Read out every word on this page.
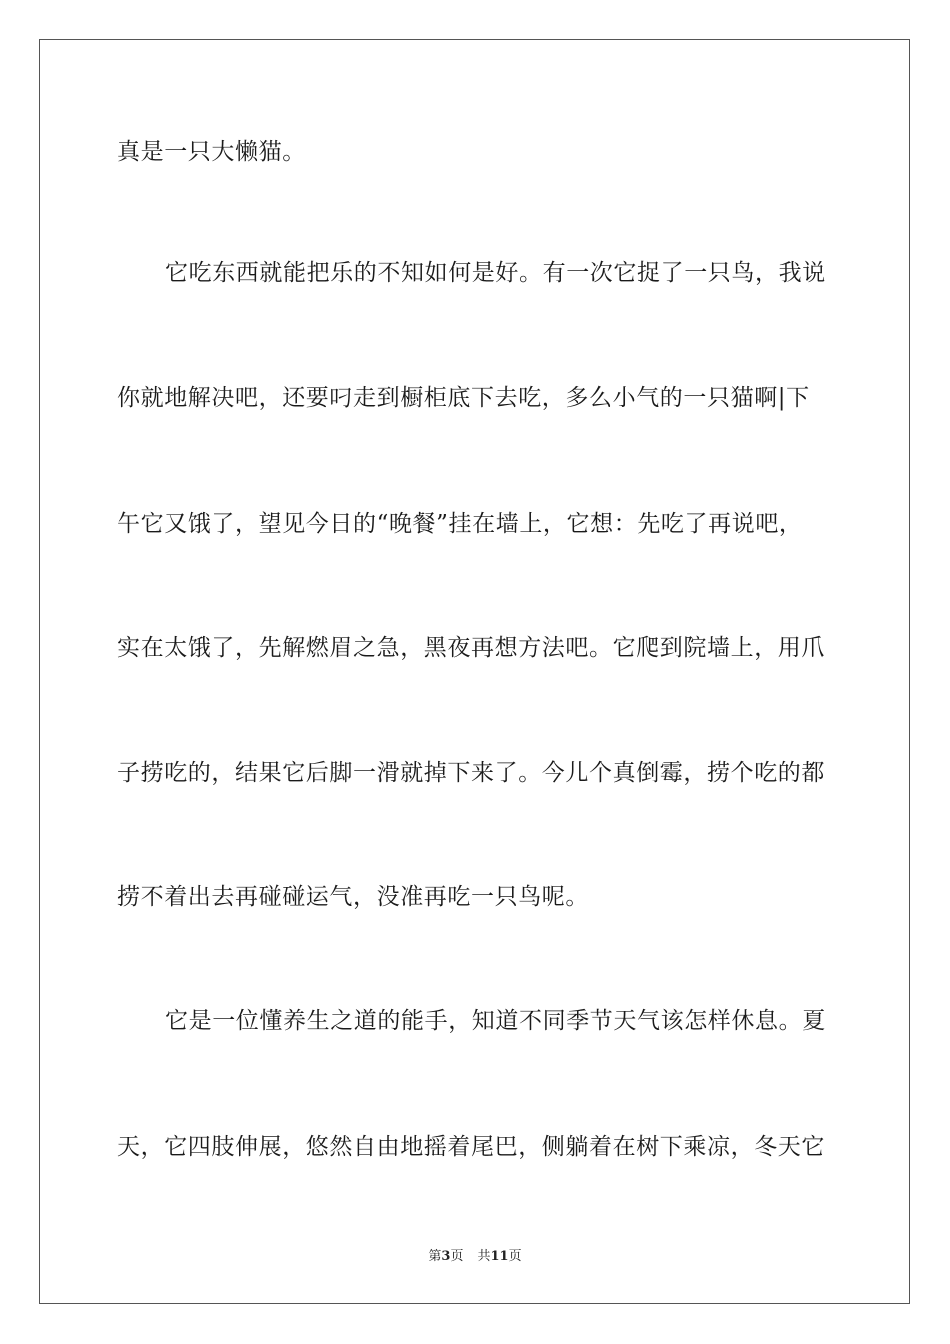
真是一只大懒猫。
它吃东西就能把乐的不知如何是好。有一次它捉了一只鸟，我说
你就地解决吧，还要叼走到橱柜底下去吃，多么小气的一只猫啊|下
午它又饿了，望见今日的“晚餐”挂在墙上，它想：先吃了再说吧，
实在太饿了，先解燃眉之急，黑夜再想方法吧。它爬到院墙上，用爪
子捞吃的，结果它后脚一滑就掉下来了。今儿个真倒霉，捞个吃的都
捞不着出去再碰碰运气，没准再吃一只鸟呢。
它是一位懂养生之道的能手，知道不同季节天气该怎样休息。夏
天，它四肢伸展，悠然自由地摇着尾巴，侧躺着在树下乘凉，冬天它
第3页 共11页
